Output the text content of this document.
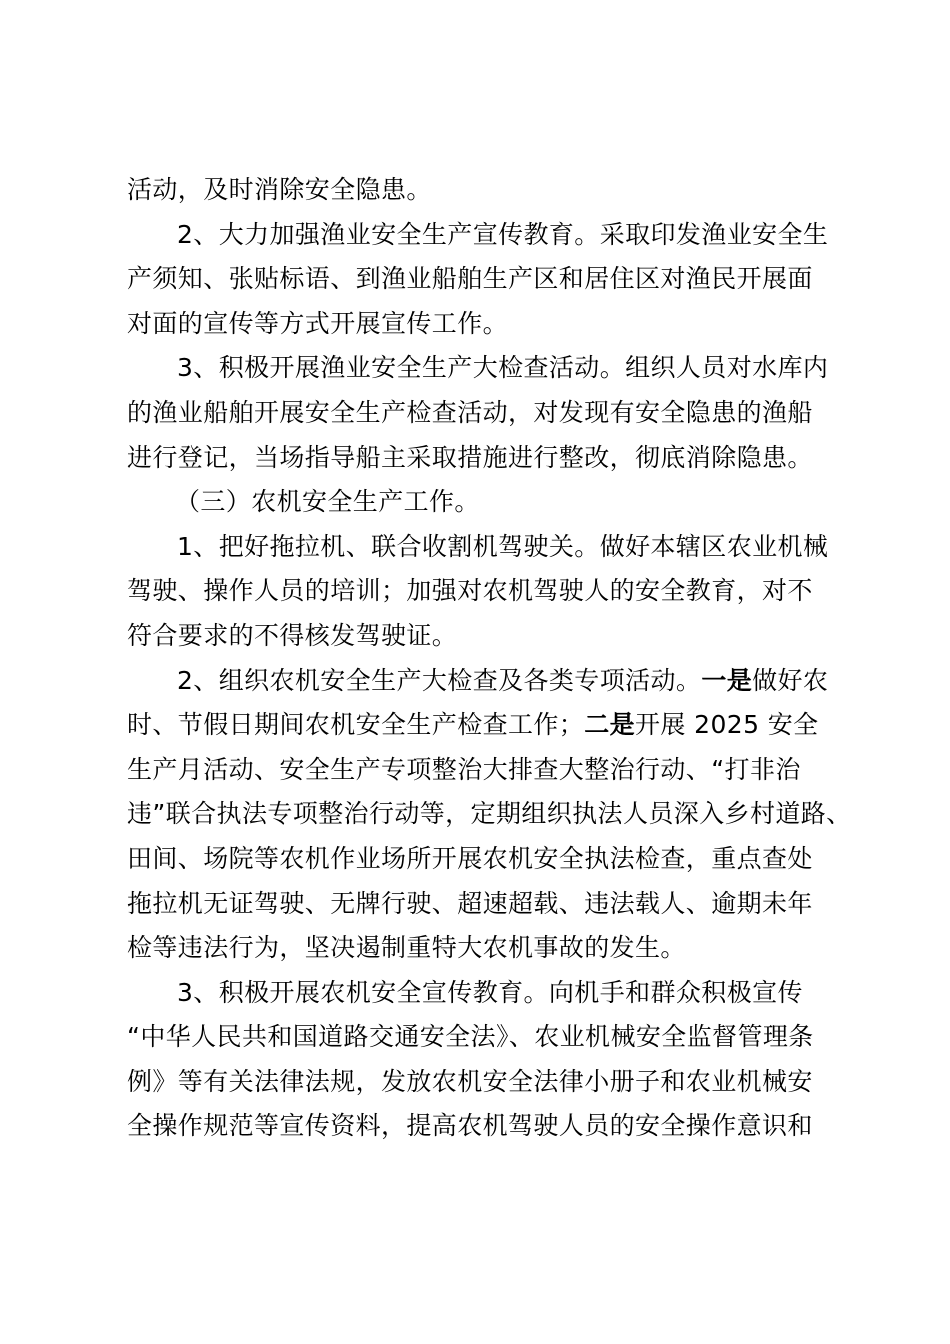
活动，及时消除安全隐患。
2、大力加强渔业安全生产宣传教育。采取印发渔业安全生
产须知、张贴标语、到渔业船舶生产区和居住区对渔民开展面
对面的宣传等方式开展宣传工作。
3、积极开展渔业安全生产大检查活动。组织人员对水库内
的渔业船舶开展安全生产检查活动，对发现有安全隐患的渔船
进行登记，当场指导船主采取措施进行整改，彻底消除隐患。
（三）农机安全生产工作。
1、把好拖拉机、联合收割机驾驶关。做好本辖区农业机械
驾驶、操作人员的培训；加强对农机驾驶人的安全教育，对不
符合要求的不得核发驾驶证。
2、组织农机安全生产大检查及各类专项活动。一是做好农
时、节假日期间农机安全生产检查工作；二是开展 2025 安全
生产月活动、安全生产专项整治大排查大整治行动、“打非治
违”联合执法专项整治行动等，定期组织执法人员深入乡村道路、
田间、场院等农机作业场所开展农机安全执法检查，重点查处
拖拉机无证驾驶、无牌行驶、超速超载、违法载人、逾期未年
检等违法行为，坚决遏制重特大农机事故的发生。
3、积极开展农机安全宣传教育。向机手和群众积极宣传
“中华人民共和国道路交通安全法》、农业机械安全监督管理条
例》等有关法律法规，发放农机安全法律小册子和农业机械安
全操作规范等宣传资料，提高农机驾驶人员的安全操作意识和
